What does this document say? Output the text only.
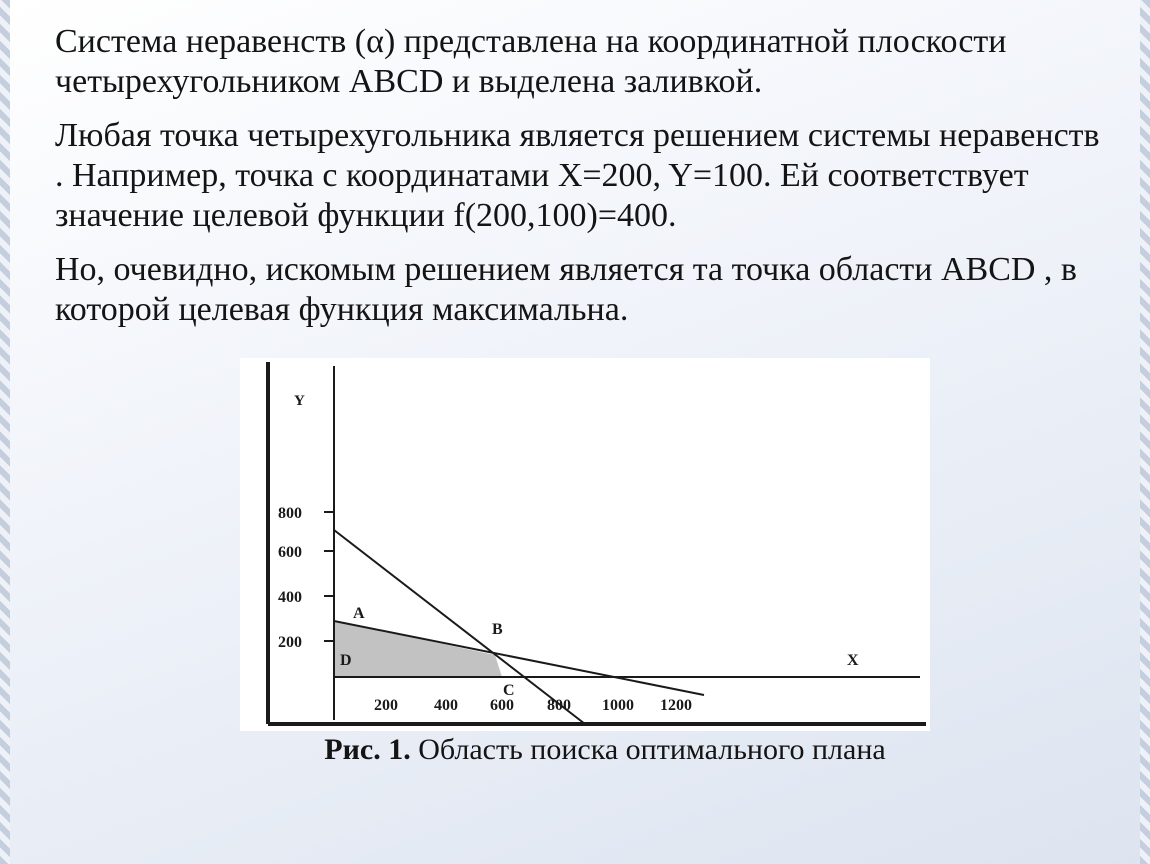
Система неравенств (α) представлена на координатной плоскости четырехугольником ABCD и выделена заливкой.

Любая точка четырехугольника является решением системы неравенств . Например, точка с координатами X=200, Y=100. Ей соответствует значение целевой функции f(200,100)=400.

Но, очевидно, искомым решением является та точка области ABCD , в которой целевая функция максимальна.

Y
X
800
600
400
200
200 400 600 800 1000 1200
A
B
C
D
Рис. 1. Область поиска оптимального плана
